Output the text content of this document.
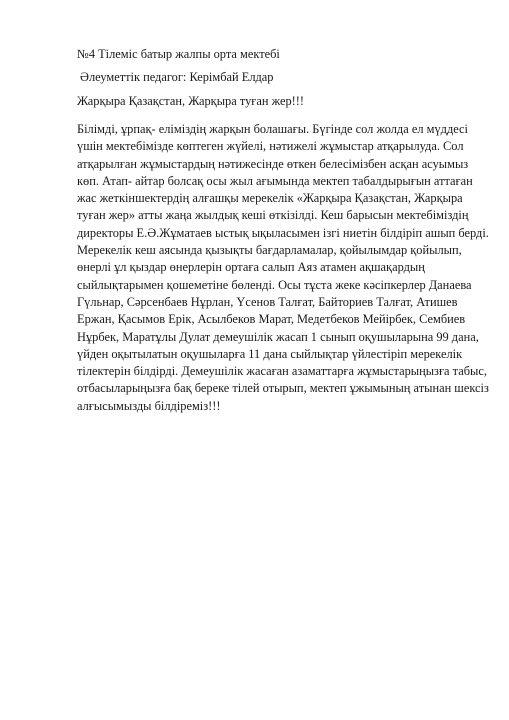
№4 Тілеміс батыр жалпы орта мектебі

Әлеуметтік педагог: Керімбай Елдар

Жарқыра Қазақстан, Жарқыра туған жер!!!

Білімді, ұрпақ- еліміздің жарқын болашағы. Бүгінде сол жолда ел мүддесі
үшін мектебімізде көптеген жүйелі, нәтижелі жұмыстар атқарылуда. Сол
атқарылған жұмыстардың нәтижесінде өткен белесімізбен асқан асуымыз
көп. Атап- айтар болсақ осы жыл ағымында мектеп табалдырығын аттаған
жас жеткіншектердің алғашқы мерекелік «Жарқыра Қазақстан, Жарқыра
туған жер» атты жаңа жылдық кеші өткізілді. Кеш барысын мектебіміздің
директоры Е.Ә.Жұматаев ыстық ықыласымен ізгі ниетін білдіріп ашып берді.
Мерекелік кеш аясында қызықты бағдарламалар, қойылымдар қойылып,
өнерлі ұл қыздар өнерлерін ортаға салып Аяз атамен ақшақардың
сыйлықтарымен қошеметіне бөленді. Осы тұста жеке кәсіпкерлер Данаева
Гүльнар, Сәрсенбаев Нұрлан, Үсенов Талғат, Байториев Талғат, Атишев
Ержан, Қасымов Ерік, Асылбеков Марат, Медетбеков Мейірбек, Сембиев
Нұрбек, Маратұлы Дулат демеушілік жасап 1 сынып оқушыларына 99 дана,
үйден оқытылатын оқушыларға 11 дана сыйлықтар үйлестіріп мерекелік
тілектерін білдірді. Демеушілік жасаған азаматтарға жұмыстарыңызға табыс,
отбасыларыңызға бақ береке тілей отырып, мектеп ұжымының атынан шексіз
алғысымызды білдіреміз!!!
